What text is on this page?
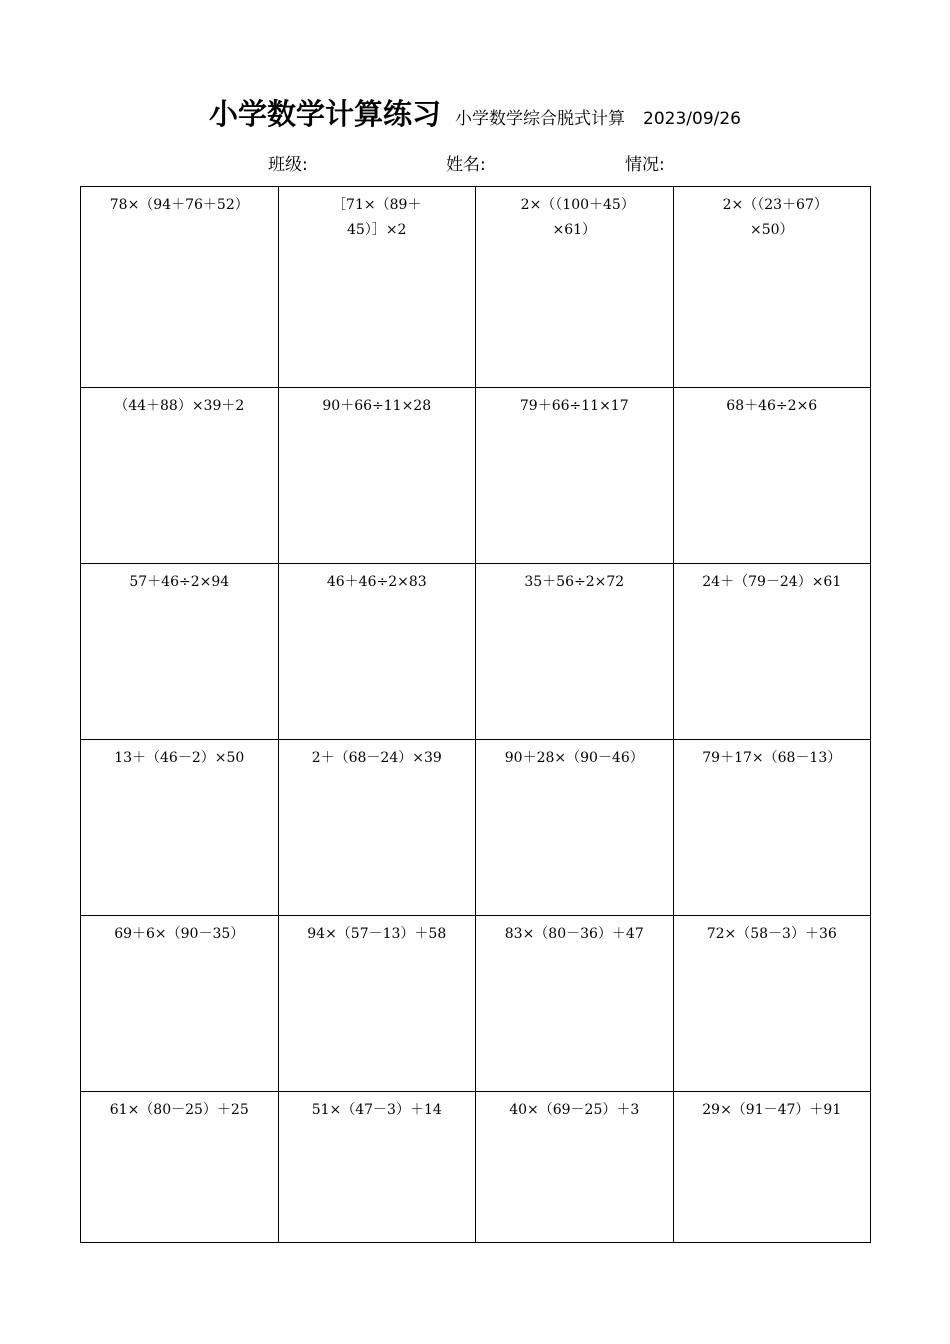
小学数学计算练习 小学数学综合脱式计算 2023/09/26
班级:	姓名:	情况:
78×（94＋76＋52）	［71×（89＋45）］×2	2×（（100＋45）×61）	2×（（23＋67）×50）
（44＋88）×39＋2	90＋66÷11×28	79＋66÷11×17	68＋46÷2×6
57＋46÷2×94	46＋46÷2×83	35＋56÷2×72	24＋（79－24）×61
13＋（46－2）×50	2＋（68－24）×39	90＋28×（90－46）	79＋17×（68－13）
69＋6×（90－35）	94×（57－13）＋58	83×（80－36）＋47	72×（58－3）＋36
61×（80－25）＋25	51×（47－3）＋14	40×（69－25）＋3	29×（91－47）＋91
